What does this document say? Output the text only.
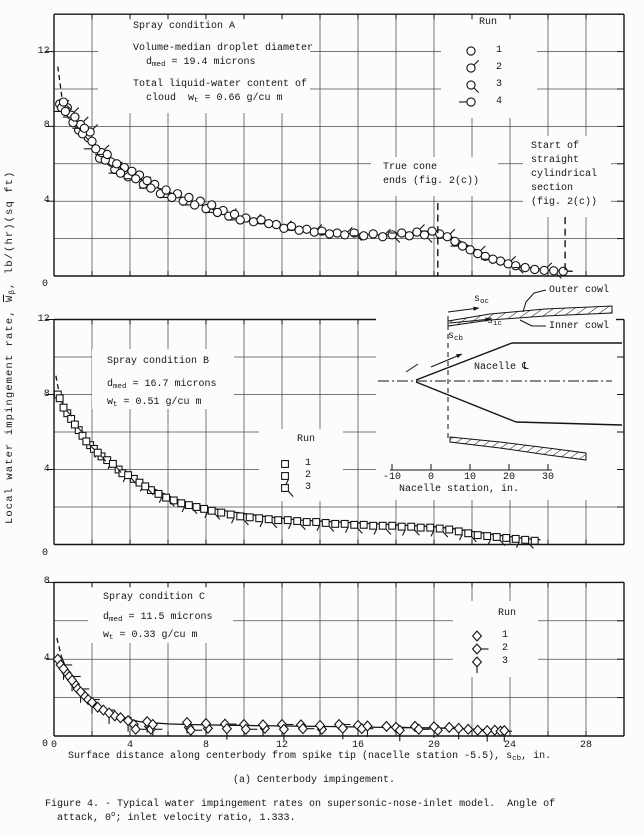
Local water impingement rate, $\overline{W}\beta$, lb/(hr)(sq ft)
(a) Centerbody impingement.
Figure 4. - Typical water impingement rates on supersonic-nose-inlet model.  Angle of
True cone
ends (fig. 2(c))
Start of
straight
cylindrical
section
(fig. 2(c))
Spray condition A
Volume-median droplet diameter
$d_{med} = 19.4$ microns
Total liquid-water content of
cloud  $w_t = 0.66$ g/cu m
Run
1
2
3
4
0
4
8
12
Spray condition B
$d_{med} = 16.7$ microns
$w_t = 0.51$ g/cu m
Run
1
2
3
0
4
8
12
Spray condition C
$d_{med} = 11.5$ microns
$w_t = 0.33$ g/cu m
Run
1
2
3
0
4
8
0	4	8	12	16	20	24	28
Surface distance along centerbody from spike tip (nacelle station -5.5), $s_{cb}$, in.
attack, 0$^o$; inlet velocity ratio, 1.333.
-10	0	10	20	30
Nacelle station, in.
Outer cowl
Inner cowl
$s_{oc}$
$s_{ic}$
$s_{cb}$
Nacelle ℄
